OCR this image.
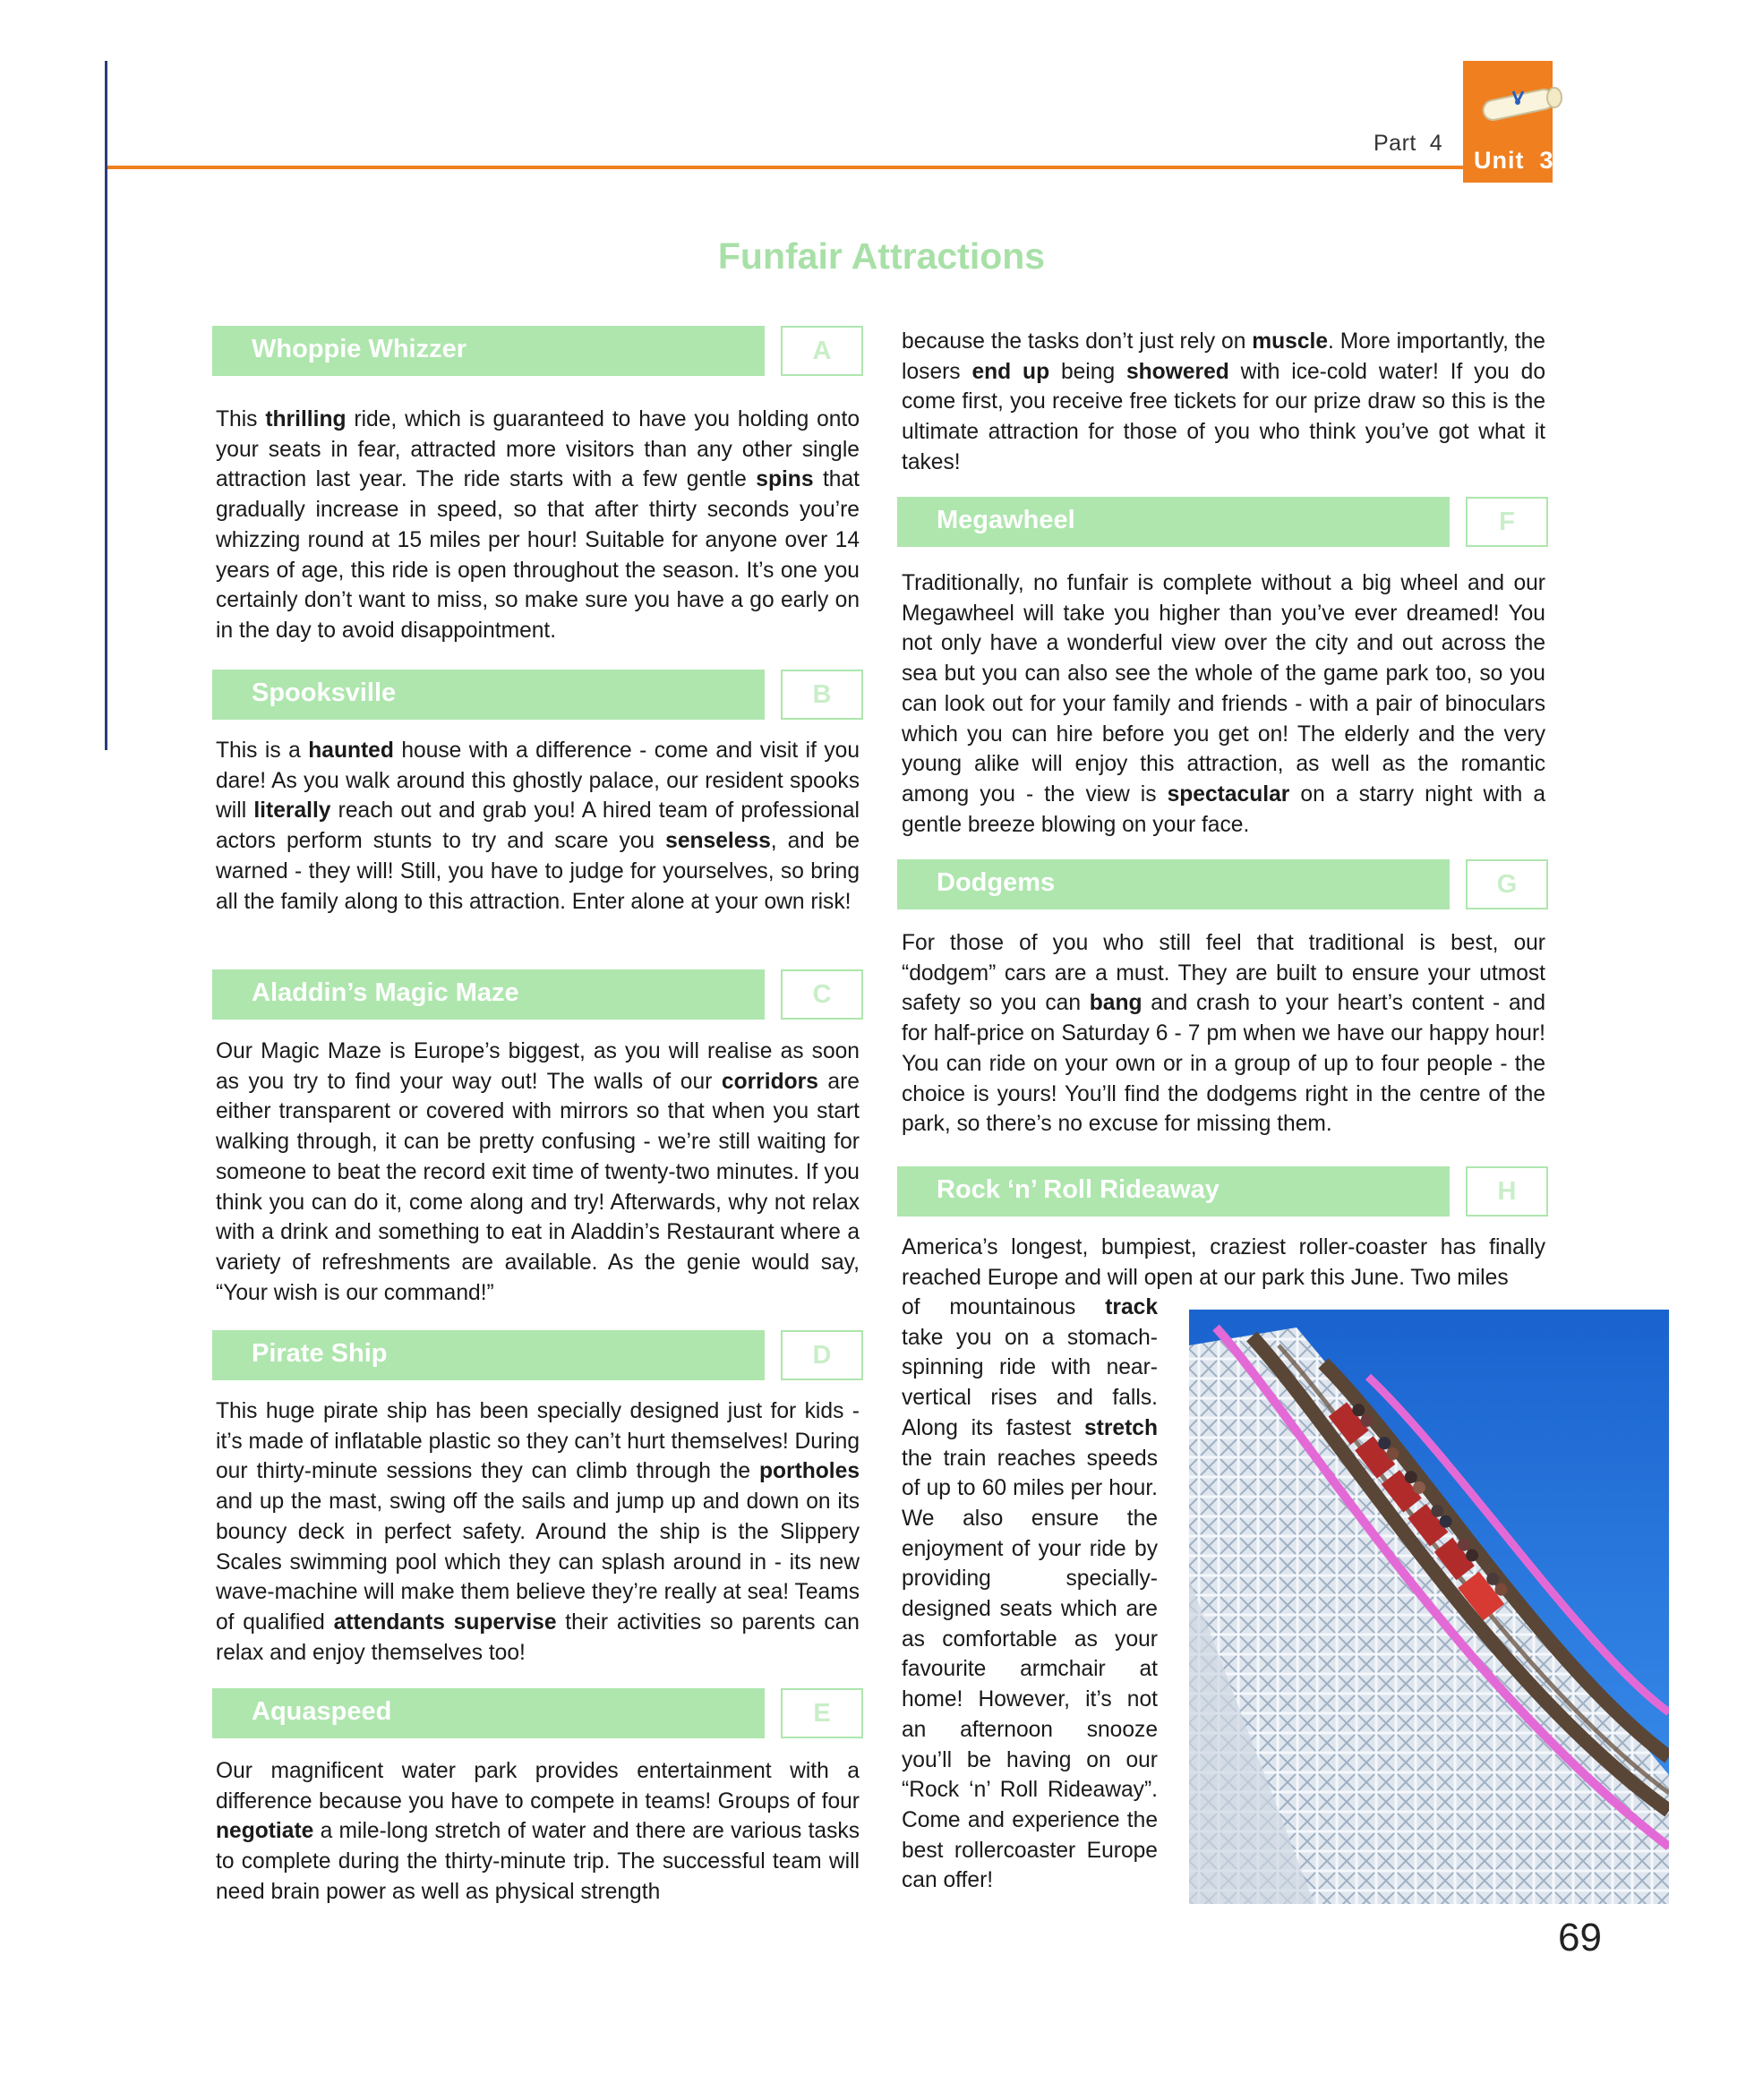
Part  4
Unit  3
Funfair Attractions
Whoppie Whizzer	A
This thrilling ride, which is guaranteed to have you holding onto your seats in fear, attracted more visitors than any other single attraction last year. The ride starts with a few gentle spins that gradually increase in speed, so that after thirty seconds you’re whizzing round at 15 miles per hour! Suitable for anyone over 14 years of age, this ride is open throughout the season. It’s one you certainly don’t want to miss, so make sure you have a go early on in the day to avoid disappointment.
Spooksville	B
This is a haunted house with a difference - come and visit if you dare! As you walk around this ghostly palace, our resident spooks will literally reach out and grab you! A hired team of professional actors perform stunts to try and scare you senseless, and be warned - they will! Still, you have to judge for yourselves, so bring all the family along to this attraction. Enter alone at your own risk!
Aladdin’s Magic Maze	C
Our Magic Maze is Europe’s biggest, as you will realise as soon as you try to find your way out! The walls of our corridors are either transparent or covered with mirrors so that when you start walking through, it can be pretty confusing - we’re still waiting for someone to beat the record exit time of twenty-two minutes. If you think you can do it, come along and try! Afterwards, why not relax with a drink and something to eat in Aladdin’s Restaurant where a variety of refreshments are available. As the genie would say, “Your wish is our command!”
Pirate Ship	D
This huge pirate ship has been specially designed just for kids - it’s made of inflatable plastic so they can’t hurt themselves! During our thirty-minute sessions they can climb through the portholes and up the mast, swing off the sails and jump up and down on its bouncy deck in perfect safety. Around the ship is the Slippery Scales swimming pool which they can splash around in - its new wave-machine will make them believe they’re really at sea! Teams of qualified attendants supervise their activities so parents can relax and enjoy themselves too!
Aquaspeed	E
Our magnificent water park provides entertainment with a difference because you have to compete in teams! Groups of four negotiate a mile-long stretch of water and there are various tasks to complete during the thirty-minute trip. The successful team will need brain power as well as physical strength
because the tasks don’t just rely on muscle. More importantly, the losers end up being showered with ice-cold water! If you do come first, you receive free tickets for our prize draw so this is the ultimate attraction for those of you who think you’ve got what it takes!
Megawheel	F
Traditionally, no funfair is complete without a big wheel and our Megawheel will take you higher than you’ve ever dreamed! You not only have a wonderful view over the city and out across the sea but you can also see the whole of the game park too, so you can look out for your family and friends - with a pair of binoculars which you can hire before you get on! The elderly and the very young alike will enjoy this attraction, as well as the romantic among you - the view is spectacular on a starry night with a gentle breeze blowing on your face.
Dodgems	G
For those of you who still feel that traditional is best, our “dodgem” cars are a must. They are built to ensure your utmost safety so you can bang and crash to your heart’s content - and for half-price on Saturday 6 - 7 pm when we have our happy hour! You can ride on your own or in a group of up to four people - the choice is yours! You’ll find the dodgems right in the centre of the park, so there’s no excuse for missing them.
Rock ‘n’ Roll Rideaway	H
America’s longest, bumpiest, craziest roller-coaster has finally reached Europe and will open at our park this June. Two miles
of mountainous track take you on a stomach-spinning ride with near-vertical rises and falls. Along its fastest stretch the train reaches speeds of up to 60 miles per hour. We also ensure the enjoyment of your ride by providing specially-designed seats which are as comfortable as your favourite armchair at home! However, it’s not an afternoon snooze you’ll be having on our “Rock ‘n’ Roll Rideaway”. Come and experience the best rollercoaster Europe can offer!
69
